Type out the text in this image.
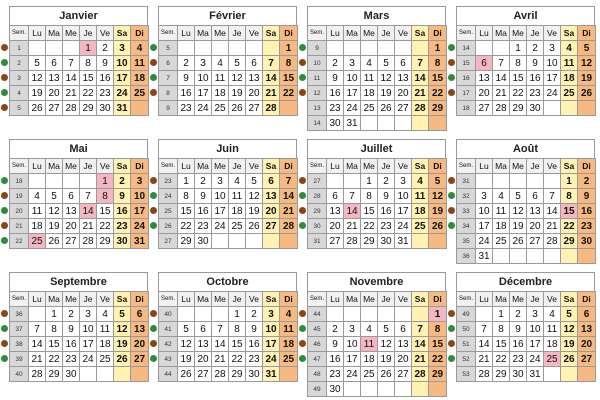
Janvier
Sem.	Lu	Ma	Me	Je	Ve	Sa	Di
1				1	2	3	4
2	5	6	7	8	9	10	11
3	12	13	14	15	16	17	18
4	19	20	21	22	23	24	25
5	26	27	28	29	30	31	
Février
Sem.	Lu	Ma	Me	Je	Ve	Sa	Di
5							1
6	2	3	4	5	6	7	8
7	9	10	11	12	13	14	15
8	16	17	18	19	20	21	22
9	23	24	25	26	27	28	
Mars
Sem.	Lu	Ma	Me	Je	Ve	Sa	Di
9							1
10	2	3	4	5	6	7	8
11	9	10	11	12	13	14	15
12	16	17	18	19	20	21	22
13	23	24	25	26	27	28	29
14	30	31					
Avril
Sem.	Lu	Ma	Me	Je	Ve	Sa	Di
14			1	2	3	4	5
15	6	7	8	9	10	11	12
16	13	14	15	16	17	18	19
17	20	21	22	23	24	25	26
18	27	28	29	30			
Mai
Sem.	Lu	Ma	Me	Je	Ve	Sa	Di
18					1	2	3
19	4	5	6	7	8	9	10
20	11	12	13	14	15	16	17
21	18	19	20	21	22	23	24
22	25	26	27	28	29	30	31
Juin
Sem.	Lu	Ma	Me	Je	Ve	Sa	Di
23	1	2	3	4	5	6	7
24	8	9	10	11	12	13	14
25	15	16	17	18	19	20	21
26	22	23	24	25	26	27	28
27	29	30					
Juillet
Sem.	Lu	Ma	Me	Je	Ve	Sa	Di
27			1	2	3	4	5
28	6	7	8	9	10	11	12
29	13	14	15	16	17	18	19
30	20	21	22	23	24	25	26
31	27	28	29	30	31		
Août
Sem.	Lu	Ma	Me	Je	Ve	Sa	Di
31						1	2
32	3	4	5	6	7	8	9
33	10	11	12	13	14	15	16
34	17	18	19	20	21	22	23
35	24	25	26	27	28	29	30
36	31						
Septembre
Sem.	Lu	Ma	Me	Je	Ve	Sa	Di
36		1	2	3	4	5	6
37	7	8	9	10	11	12	13
38	14	15	16	17	18	19	20
39	21	22	23	24	25	26	27
40	28	29	30				
Octobre
Sem.	Lu	Ma	Me	Je	Ve	Sa	Di
40				1	2	3	4
41	5	6	7	8	9	10	11
42	12	13	14	15	16	17	18
43	19	20	21	22	23	24	25
44	26	27	28	29	30	31	
Novembre
Sem.	Lu	Ma	Me	Je	Ve	Sa	Di
44							1
45	2	3	4	5	6	7	8
46	9	10	11	12	13	14	15
47	16	17	18	19	20	21	22
48	23	24	25	26	27	28	29
49	30						
Décembre
Sem.	Lu	Ma	Me	Je	Ve	Sa	Di
49		1	2	3	4	5	6
50	7	8	9	10	11	12	13
51	14	15	16	17	18	19	20
52	21	22	23	24	25	26	27
53	28	29	30	31			
